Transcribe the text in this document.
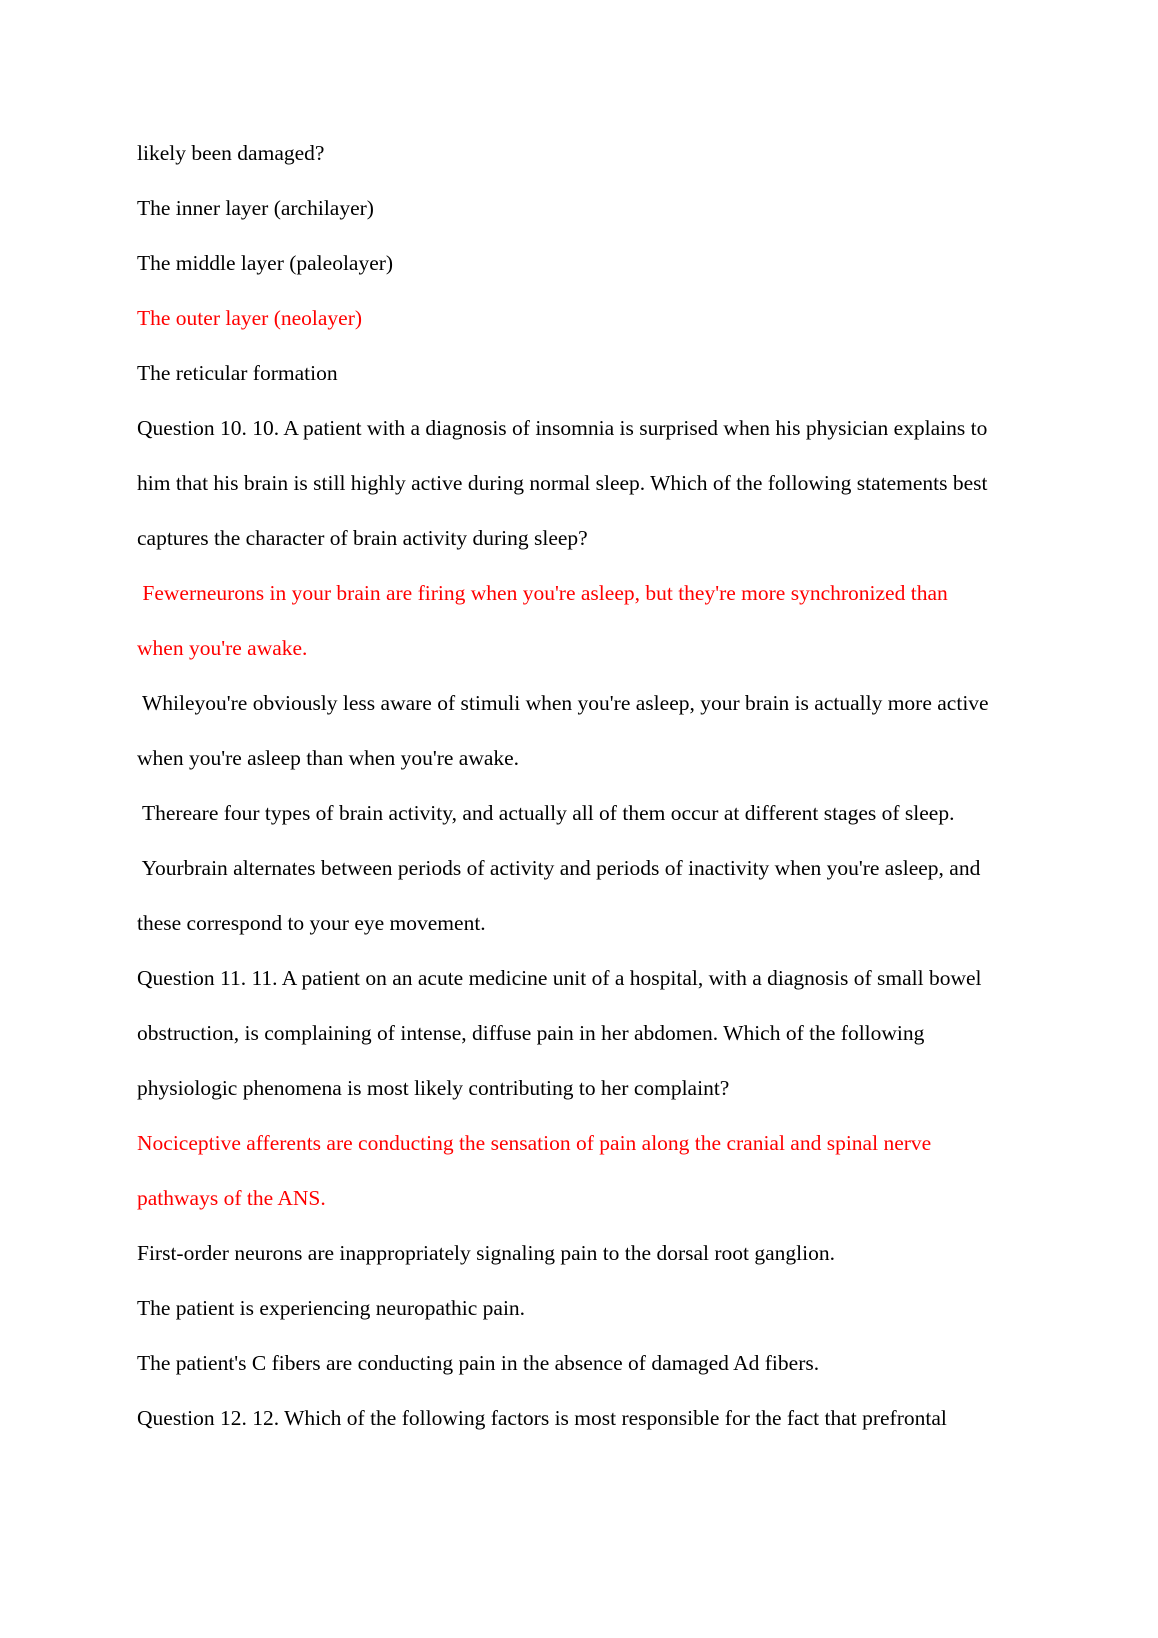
likely been damaged?

The inner layer (archilayer)

The middle layer (paleolayer)

The outer layer (neolayer)

The reticular formation

Question 10. 10. A patient with a diagnosis of insomnia is surprised when his physician explains to
him that his brain is still highly active during normal sleep. Which of the following statements best
captures the character of brain activity during sleep?

Fewerneurons in your brain are firing when you're asleep, but they're more synchronized than
when you're awake.

Whileyou're obviously less aware of stimuli when you're asleep, your brain is actually more active
when you're asleep than when you're awake.

Thereare four types of brain activity, and actually all of them occur at different stages of sleep.

Yourbrain alternates between periods of activity and periods of inactivity when you're asleep, and
these correspond to your eye movement.

Question 11. 11. A patient on an acute medicine unit of a hospital, with a diagnosis of small bowel
obstruction, is complaining of intense, diffuse pain in her abdomen. Which of the following
physiologic phenomena is most likely contributing to her complaint?

Nociceptive afferents are conducting the sensation of pain along the cranial and spinal nerve
pathways of the ANS.

First-order neurons are inappropriately signaling pain to the dorsal root ganglion.

The patient is experiencing neuropathic pain.

The patient's C fibers are conducting pain in the absence of damaged Ad fibers.

Question 12. 12. Which of the following factors is most responsible for the fact that prefrontal
